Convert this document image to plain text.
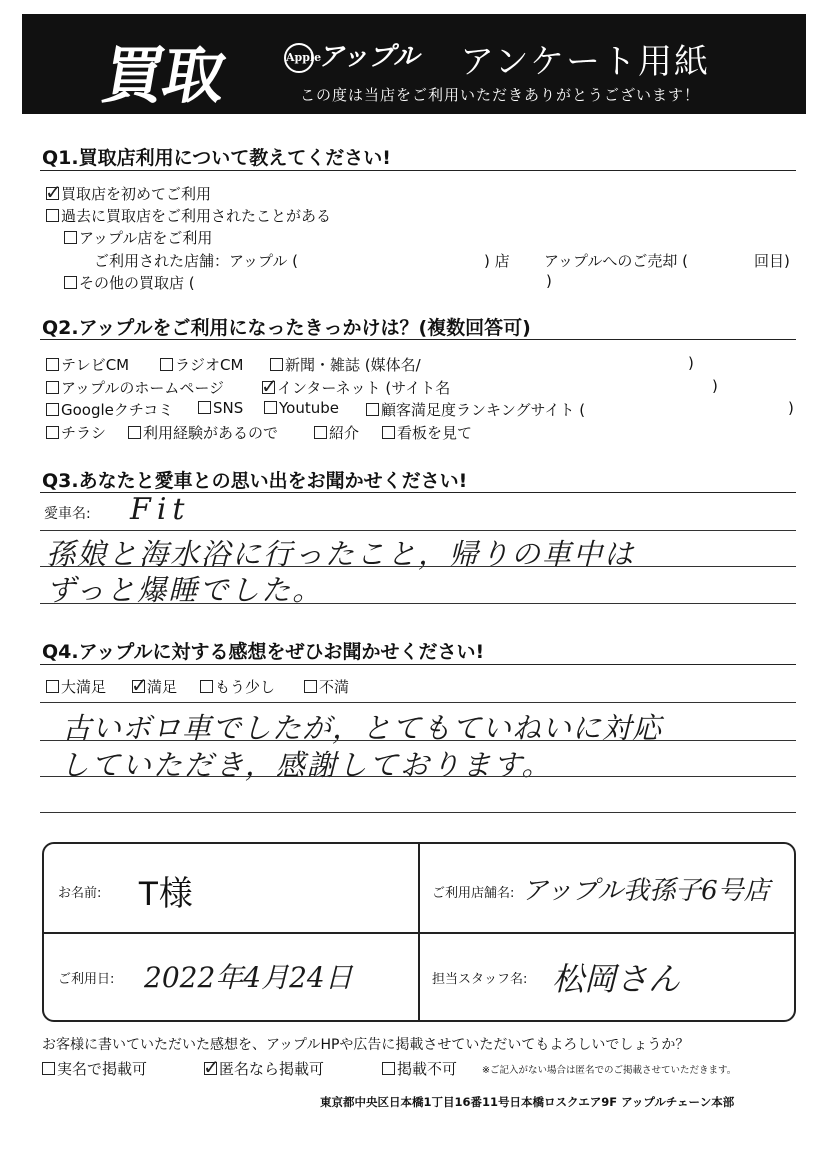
買取	Appleアップル アンケート用紙
この度は当店をご利用いただきありがとうございます！
Q1.買取店利用について教えてください!
✓ 買取店を初めてご利用
過去に買取店をご利用されたことがある
アップル店をご利用
ご利用された店舗：アップル (	) 店 アップルへのご売却 (	回目)
その他の買取店 (	)
Q2.アップルをご利用になったきっかけは？(複数回答可)
テレビCM	ラジオCM	新聞・雑誌 (媒体名/	)
アップルのホームページ ✓ インターネット (サイト名	)
Googleクチコミ	SNS	Youtube	顧客満足度ランキングサイト (	)
チラシ	利用経験があるので	紹介	看板を見て
Q3.あなたと愛車との思い出をお聞かせください!
愛車名: Fit
孫娘と海水浴に行ったこと，帰りの車中は
ずっと爆睡でした。
Q4.アップルに対する感想をぜひお聞かせください!
大満足 ✓ 満足	もう少し	不満
古いボロ車でしたが，とてもていねいに対応
していただき，感謝しております。
お名前: T様	ご利用店舗名: アップル我孫子6号店
ご利用日: 2022年4月24日	担当スタッフ名: 松岡さん
お客様に書いていただいた感想を、アップルHPや広告に掲載させていただいてもよろしいでしょうか？
実名で掲載可	✓ 匿名なら掲載可	掲載不可	※ご記入がない場合は匿名でのご掲載させていただきます。
東京都中央区日本橋1丁目16番11号日本橋ロスクエア9F アップルチェーン本部
